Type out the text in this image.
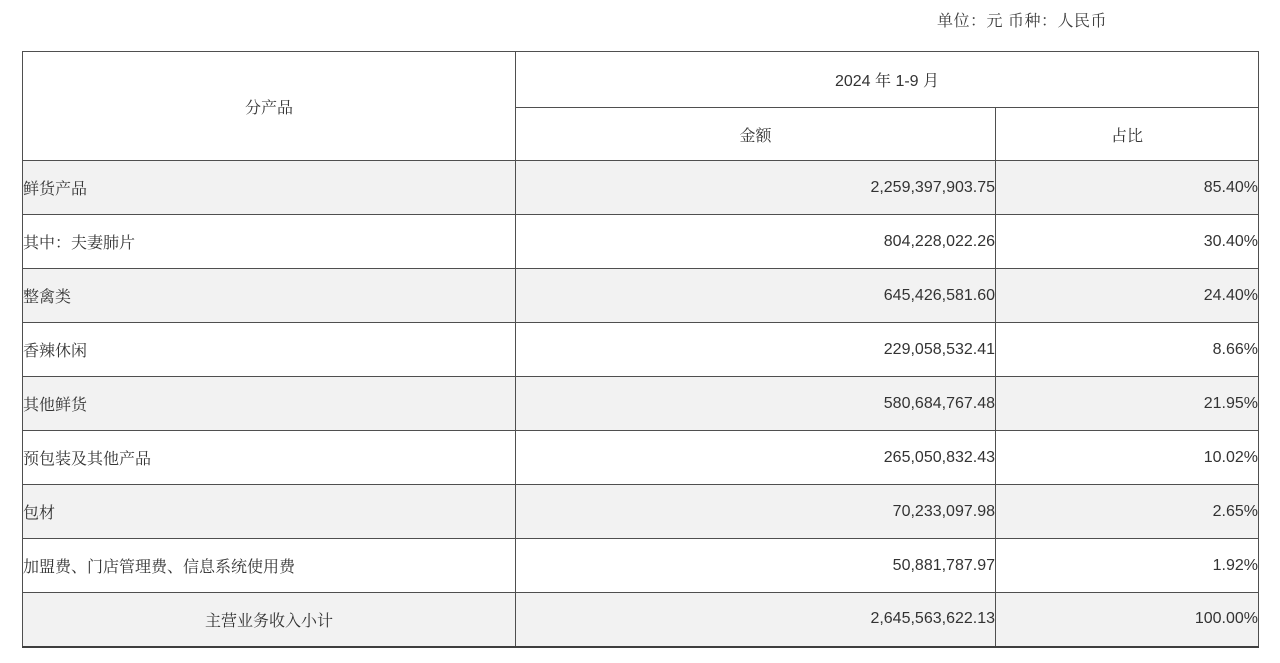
单位：元 币种：人民币
分产品	2024 年 1-9 月	
	金额	占比
鲜货产品	2,259,397,903.75	85.40%
其中：夫妻肺片	804,228,022.26	30.40%
整禽类	645,426,581.60	24.40%
香辣休闲	229,058,532.41	8.66%
其他鲜货	580,684,767.48	21.95%
预包装及其他产品	265,050,832.43	10.02%
包材	70,233,097.98	2.65%
加盟费、门店管理费、信息系统使用费	50,881,787.97	1.92%
主营业务收入小计	2,645,563,622.13	100.00%
